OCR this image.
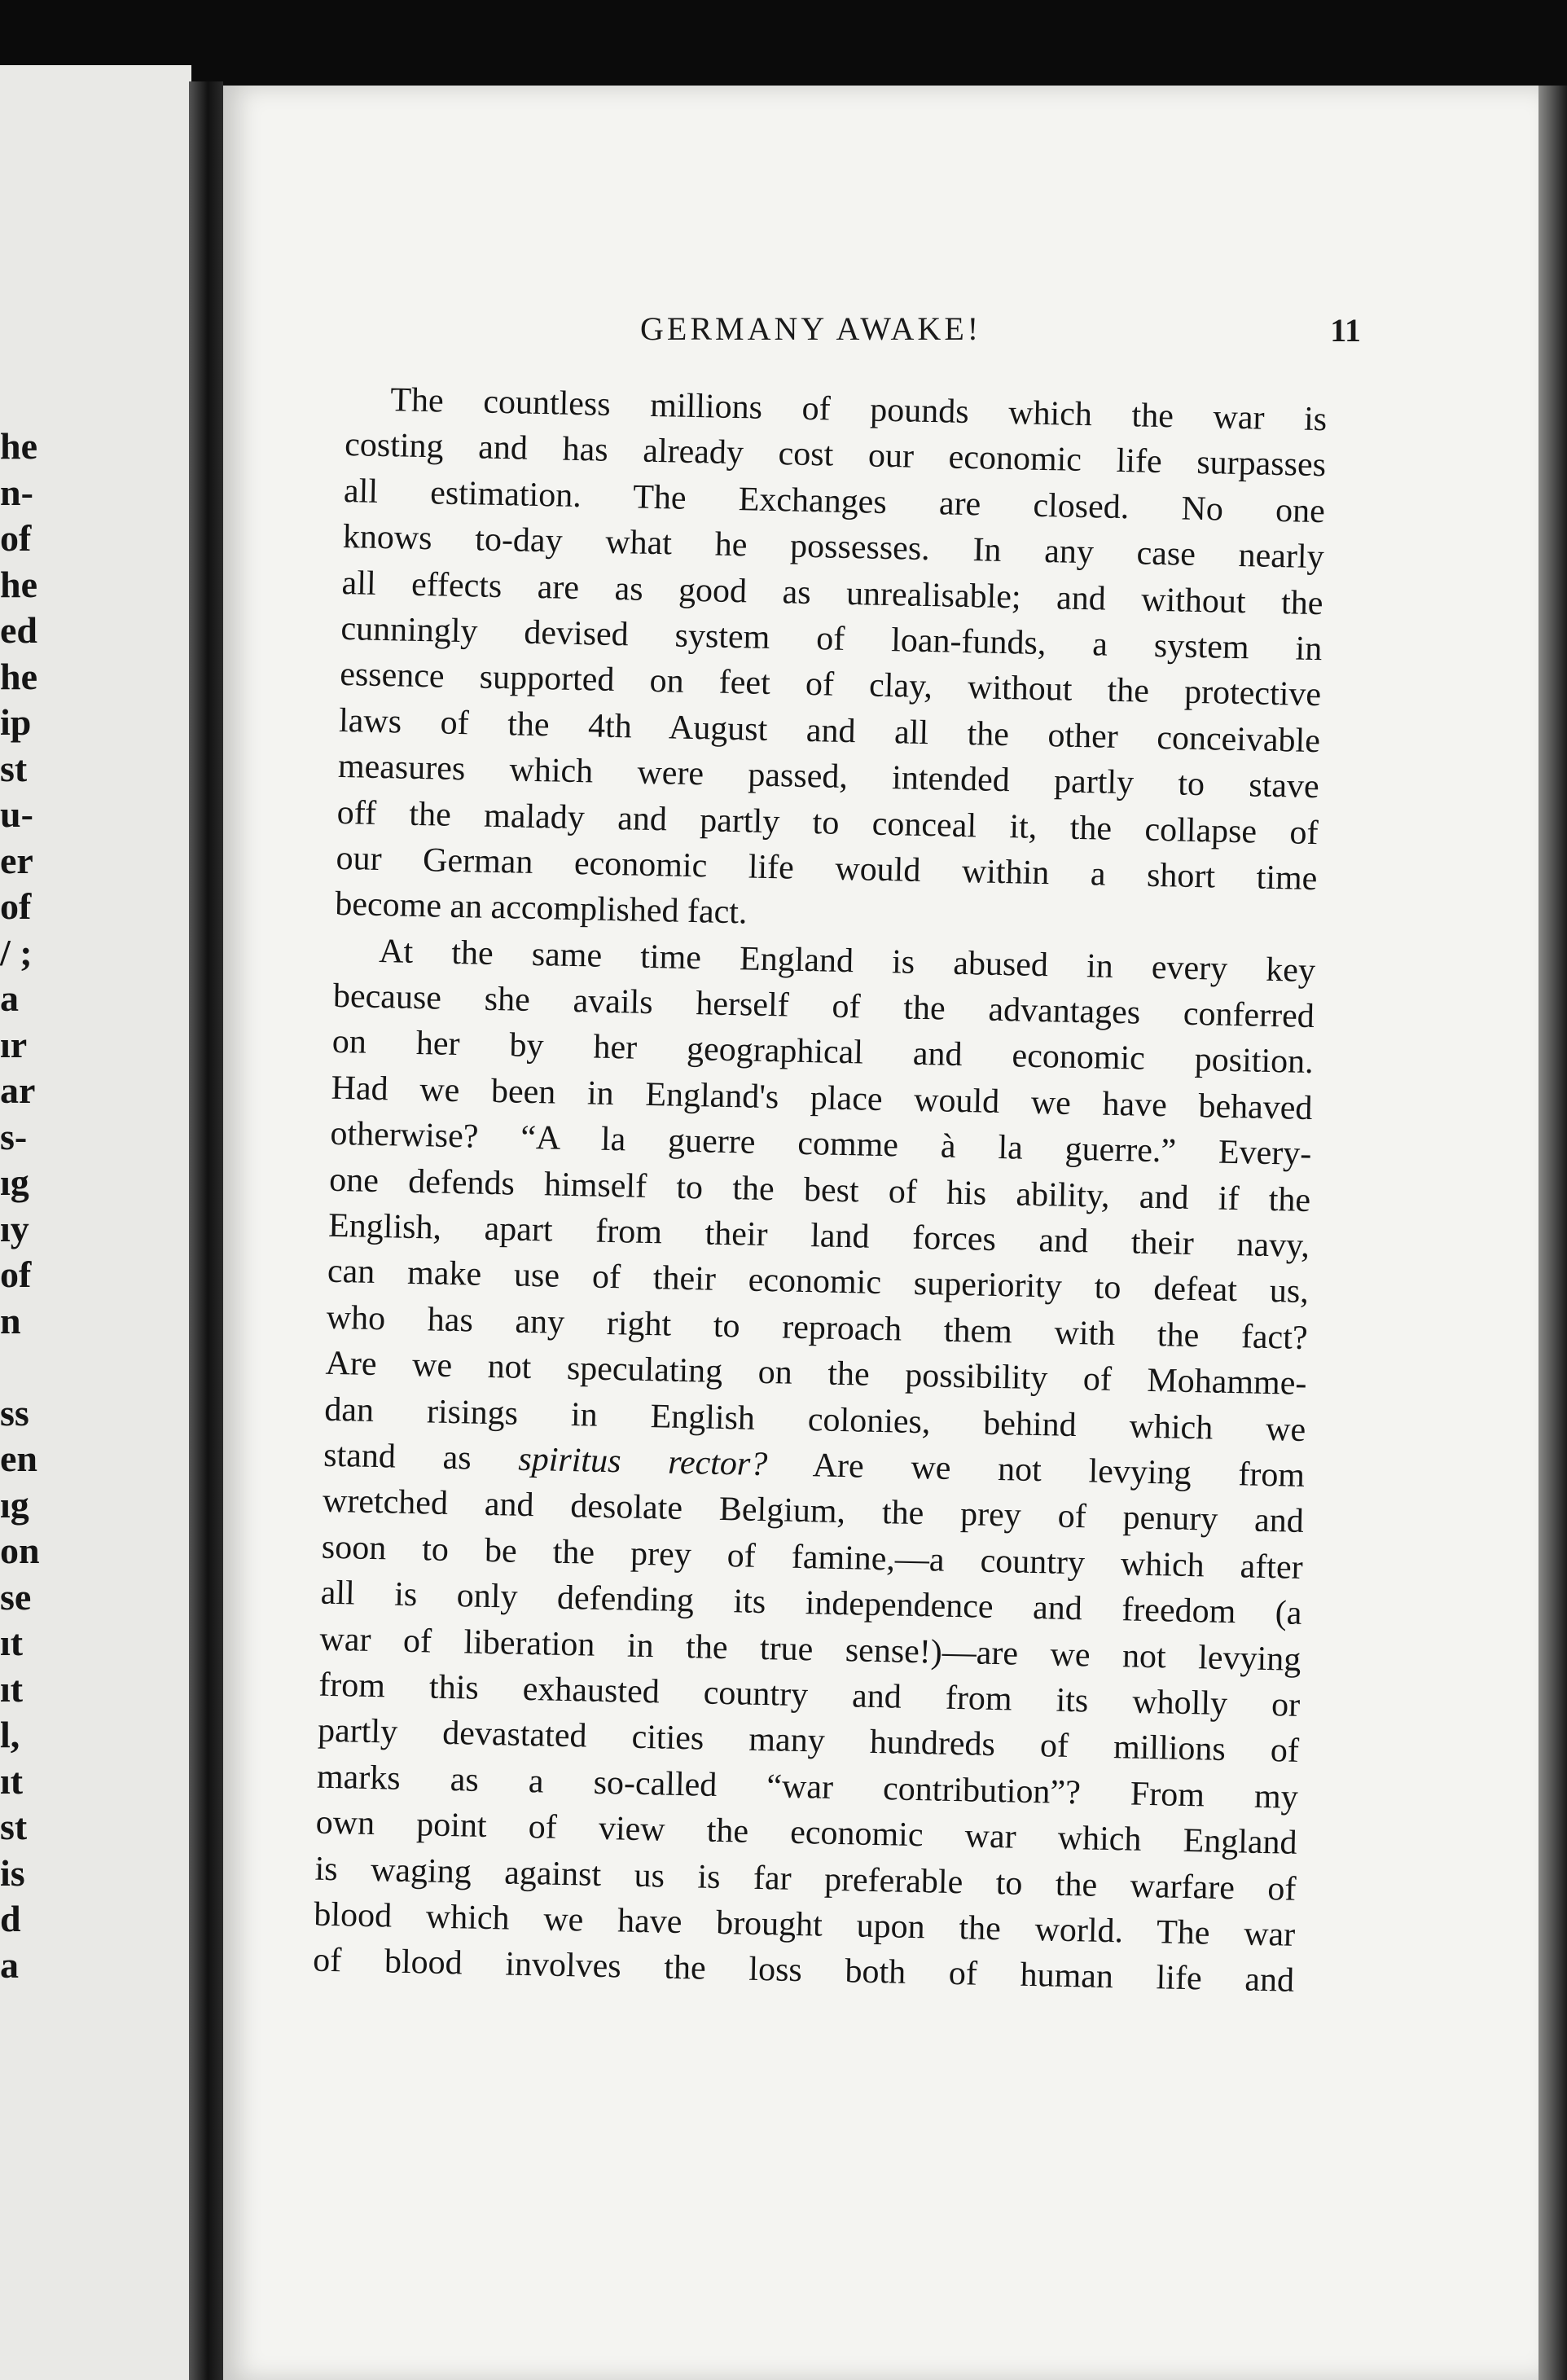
he
n-
of
he
ed
he
ip
st
u-
er
of
/ ;
a
ır
ar
s-
ıg
ıy
of
n
ss
en
ıg
on
se
ıt
ıt
l,
ıt
st
is
d
a
GERMANY AWAKE!	11
The countless millions of pounds which the war is
costing and has already cost our economic life surpasses
all estimation. The Exchanges are closed. No one
knows to-day what he possesses. In any case nearly
all effects are as good as unrealisable; and without the
cunningly devised system of loan-funds, a system in
essence supported on feet of clay, without the protective
laws of the 4th August and all the other conceivable
measures which were passed, intended partly to stave
off the malady and partly to conceal it, the collapse of
our German economic life would within a short time
become an accomplished fact.
At the same time England is abused in every key
because she avails herself of the advantages conferred
on her by her geographical and economic position.
Had we been in England's place would we have behaved
otherwise? “A la guerre comme à la guerre.” Every-
one defends himself to the best of his ability, and if the
English, apart from their land forces and their navy,
can make use of their economic superiority to defeat us,
who has any right to reproach them with the fact?
Are we not speculating on the possibility of Mohamme-
dan risings in English colonies, behind which we
stand as spiritus rector? Are we not levying from
wretched and desolate Belgium, the prey of penury and
soon to be the prey of famine,—a country which after
all is only defending its independence and freedom (a
war of liberation in the true sense!)—are we not levying
from this exhausted country and from its wholly or
partly devastated cities many hundreds of millions of
marks as a so-called “war contribution”? From my
own point of view the economic war which England
is waging against us is far preferable to the warfare of
blood which we have brought upon the world. The war
of blood involves the loss both of human life and
